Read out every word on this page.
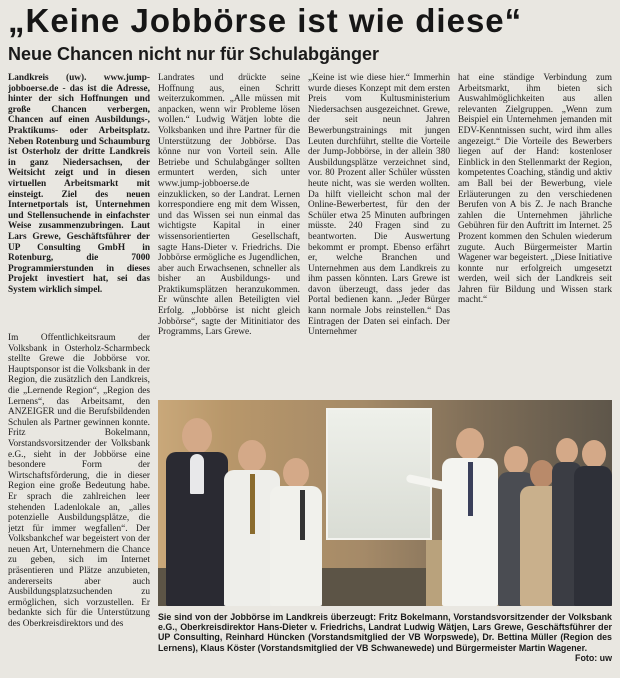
„Keine Jobbörse ist wie diese“
Neue Chancen nicht nur für Schulabgänger

Landkreis (uw). www.jump-jobboerse.de - das ist die Adresse, hinter der sich Hoffnungen und große Chancen verbergen, Chancen auf einen Ausbildungs-, Praktikums- oder Arbeitsplatz. Neben Rotenburg und Schaumburg ist Osterholz der dritte Landkreis in ganz Niedersachsen, der Weitsicht zeigt und in diesen virtuellen Arbeitsmarkt mit einsteigt. Ziel des neuen Internetportals ist, Unternehmen und Stellensuchende in einfachster Weise zusammenzubringen. Laut Lars Grewe, Geschäftsführer der UP Consulting GmbH in Rotenburg, die 7000 Programmierstunden in dieses Projekt investiert hat, sei das System wirklich simpel.

Im Öffentlichkeitsraum der Volksbank in Osterholz-Scharmbeck stellte Grewe die Jobbörse vor. Hauptsponsor ist die Volksbank in der Region, die zusätzlich den Landkreis, die „Lernende Region“, „Region des Lernens“, das Arbeitsamt, den ANZEIGER und die Berufsbildenden Schulen als Partner gewinnen konnte. Fritz Bokelmann, Vorstandsvorsitzender der Volksbank e.G., sieht in der Jobbörse eine besondere Form der Wirtschaftsförderung, die in dieser Region eine große Bedeutung habe. Er sprach die zahlreichen leer stehenden Ladenlokale an, „alles potenzielle Ausbildungsplätze, die jetzt für immer wegfallen“. Der Volksbankchef war begeistert von der neuen Art, Unternehmern die Chance zu geben, sich im Internet präsentieren und Plätze anzubieten, andererseits aber auch Ausbildungsplatzsuchenden zu ermöglichen, sich vorzustellen. Er bedankte sich für die Unterstützung des Oberkreisdirektors und des

Landrates und drückte seine Hoffnung aus, einen Schritt weiterzukommen. „Alle müssen mit anpacken, wenn wir Probleme lösen wollen.“ Ludwig Wätjen lobte die Volksbanken und ihre Partner für die Unterstützung der Jobbörse. Das könne nur von Vorteil sein. Alle Betriebe und Schulabgänger sollten ermuntert werden, sich unter www.jump-jobboerse.de einzuklicken, so der Landrat. Lernen korrespondiere eng mit dem Wissen, und das Wissen sei nun einmal das wichtigste Kapital in einer wissensorientierten Gesellschaft, sagte Hans-Dieter v. Friedrichs. Die Jobbörse ermögliche es Jugendlichen, aber auch Erwachsenen, schneller als bisher an Ausbildungs- und Praktikumsplätzen heranzukommen. Er wünschte allen Beteiligten viel Erfolg. „Jobbörse ist nicht gleich Jobbörse“, sagte der Mitinitiator des Programms, Lars Grewe.

„Keine ist wie diese hier.“ Immerhin wurde dieses Konzept mit dem ersten Preis vom Kultusministerium Niedersachsen ausgezeichnet. Grewe, der seit neun Jahren Bewerbungstrainings mit jungen Leuten durchführt, stellte die Vorteile der Jump-Jobbörse, in der allein 380 Ausbildungsplätze verzeichnet sind, vor. 80 Prozent aller Schüler wüssten heute nicht, was sie werden wollten. Da hilft vielleicht schon mal der Online-Bewerbertest, für den der Schüler etwa 25 Minuten aufbringen müsste. 240 Fragen sind zu beantworten. Die Auswertung bekommt er prompt. Ebenso erfährt er, welche Branchen und Unternehmen aus dem Landkreis zu ihm passen könnten. Lars Grewe ist davon überzeugt, dass jeder das Portal bedienen kann. „Jeder Bürger kann normale Jobs reinstellen.“ Das Eintragen der Daten sei einfach. Der Unternehmer

hat eine ständige Verbindung zum Arbeitsmarkt, ihm bieten sich Auswahlmöglichkeiten aus allen relevanten Zielgruppen. „Wenn zum Beispiel ein Unternehmen jemanden mit EDV-Kenntnissen sucht, wird ihm alles angezeigt.“ Die Vorteile des Bewerbers liegen auf der Hand: kostenloser Einblick in den Stellenmarkt der Region, kompetentes Coaching, ständig und aktiv am Ball bei der Bewerbung, viele Erläuterungen zu den verschiedenen Berufen von A bis Z. Je nach Branche zahlen die Unternehmen jährliche Gebühren für den Auftritt im Internet. 25 Prozent kommen den Schulen wiederum zugute. Auch Bürgermeister Martin Wagener war begeistert. „Diese Initiative konnte nur erfolgreich umgesetzt werden, weil sich der Landkreis seit Jahren für Bildung und Wissen stark macht.“

Sie sind von der Jobbörse im Landkreis überzeugt: Fritz Bokelmann, Vorstandsvorsitzender der Volksbank e.G., Oberkreisdirektor Hans-Dieter v. Friedrichs, Landrat Ludwig Wätjen, Lars Grewe, Geschäftsführer der UP Consulting, Reinhard Hüncken (Vorstandsmitglied der VB Worpswede), Dr. Bettina Müller (Region des Lernens), Klaus Köster (Vorstandsmitglied der VB Schwanewede) und Bürgermeister Martin Wagener.
Foto: uw
